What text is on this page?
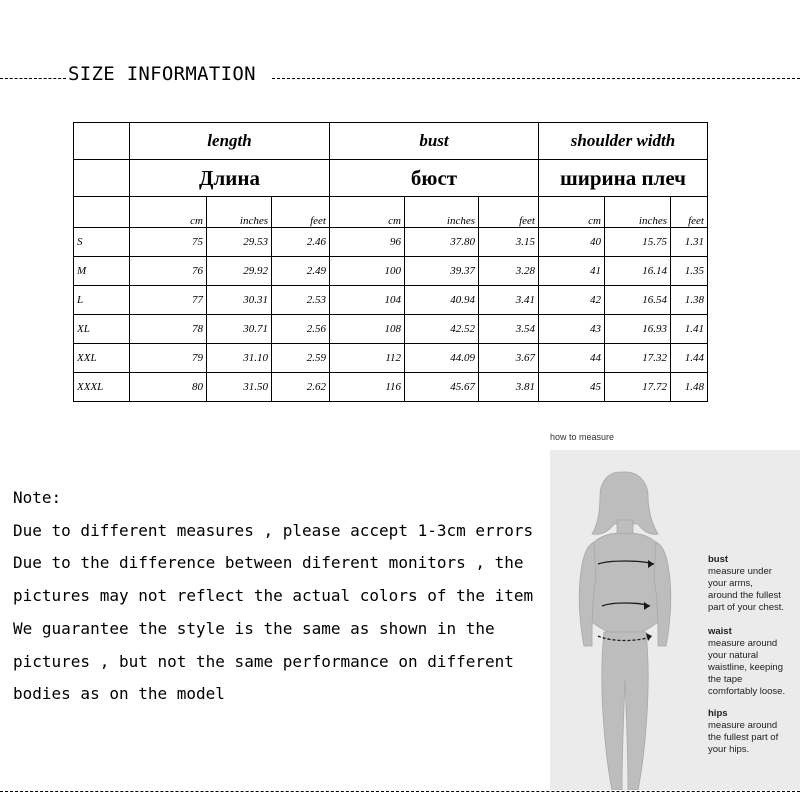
SIZE INFORMATION
	length			bust			shoulder width		
	Длина			бюст			ширина плеч		
	cm	inches	feet	cm	inches	feet	cm	inches	feet
S	75	29.53	2.46	96	37.80	3.15	40	15.75	1.31
M	76	29.92	2.49	100	39.37	3.28	41	16.14	1.35
L	77	30.31	2.53	104	40.94	3.41	42	16.54	1.38
XL	78	30.71	2.56	108	42.52	3.54	43	16.93	1.41
XXL	79	31.10	2.59	112	44.09	3.67	44	17.32	1.44
XXXL	80	31.50	2.62	116	45.67	3.81	45	17.72	1.48

Note:

Due to different measures , please accept 1-3cm errors

Due to the difference between diferent monitors , the

pictures may not reflect the actual colors of the item

We guarantee the style is the same as shown in the

pictures , but not the same performance on different

bodies as on the model

how to measure
bust
measure under
your arms,
around the fullest
part of your chest.
waist
measure around
your natural
waistline, keeping
the tape
comfortably loose.
hips
measure around
the fullest part of
your hips.
